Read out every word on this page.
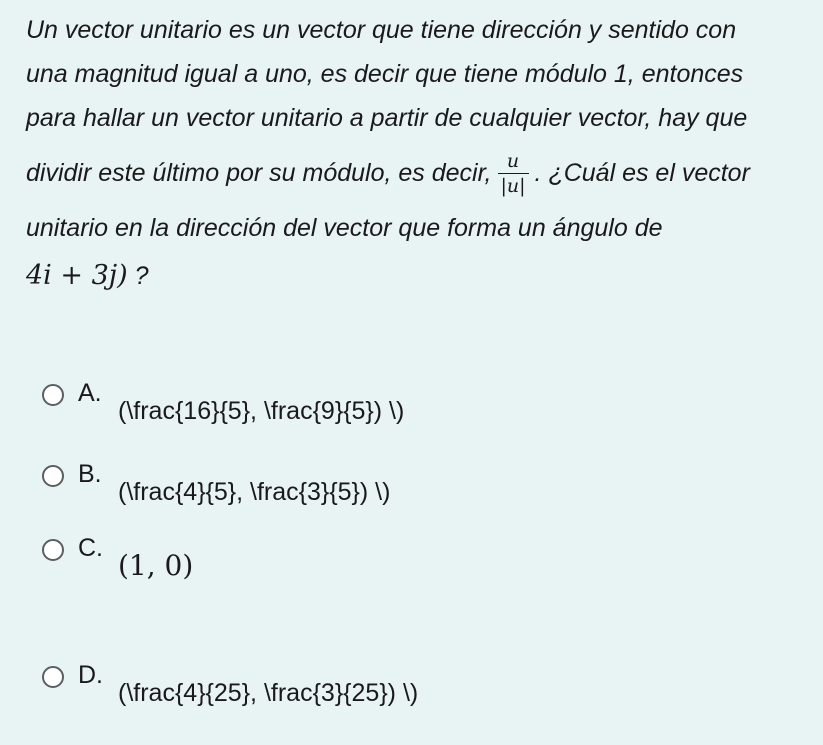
Un vector unitario es un vector que tiene dirección y sentido con
una magnitud igual a uno, es decir que tiene módulo 1, entonces
para hallar un vector unitario a partir de cualquier vector, hay que
dividir este último por su módulo, es decir, $\frac{u}{|u|}$ . ¿Cuál es el vector
unitario en la dirección del vector que forma un ángulo de
4i + 3j) ?
A.
(\frac{16}{5}, \frac{9}{5}) \)
B.
(\frac{4}{5}, \frac{3}{5}) \)
C.
(1, 0)
D.
(\frac{4}{25}, \frac{3}{25}) \)
